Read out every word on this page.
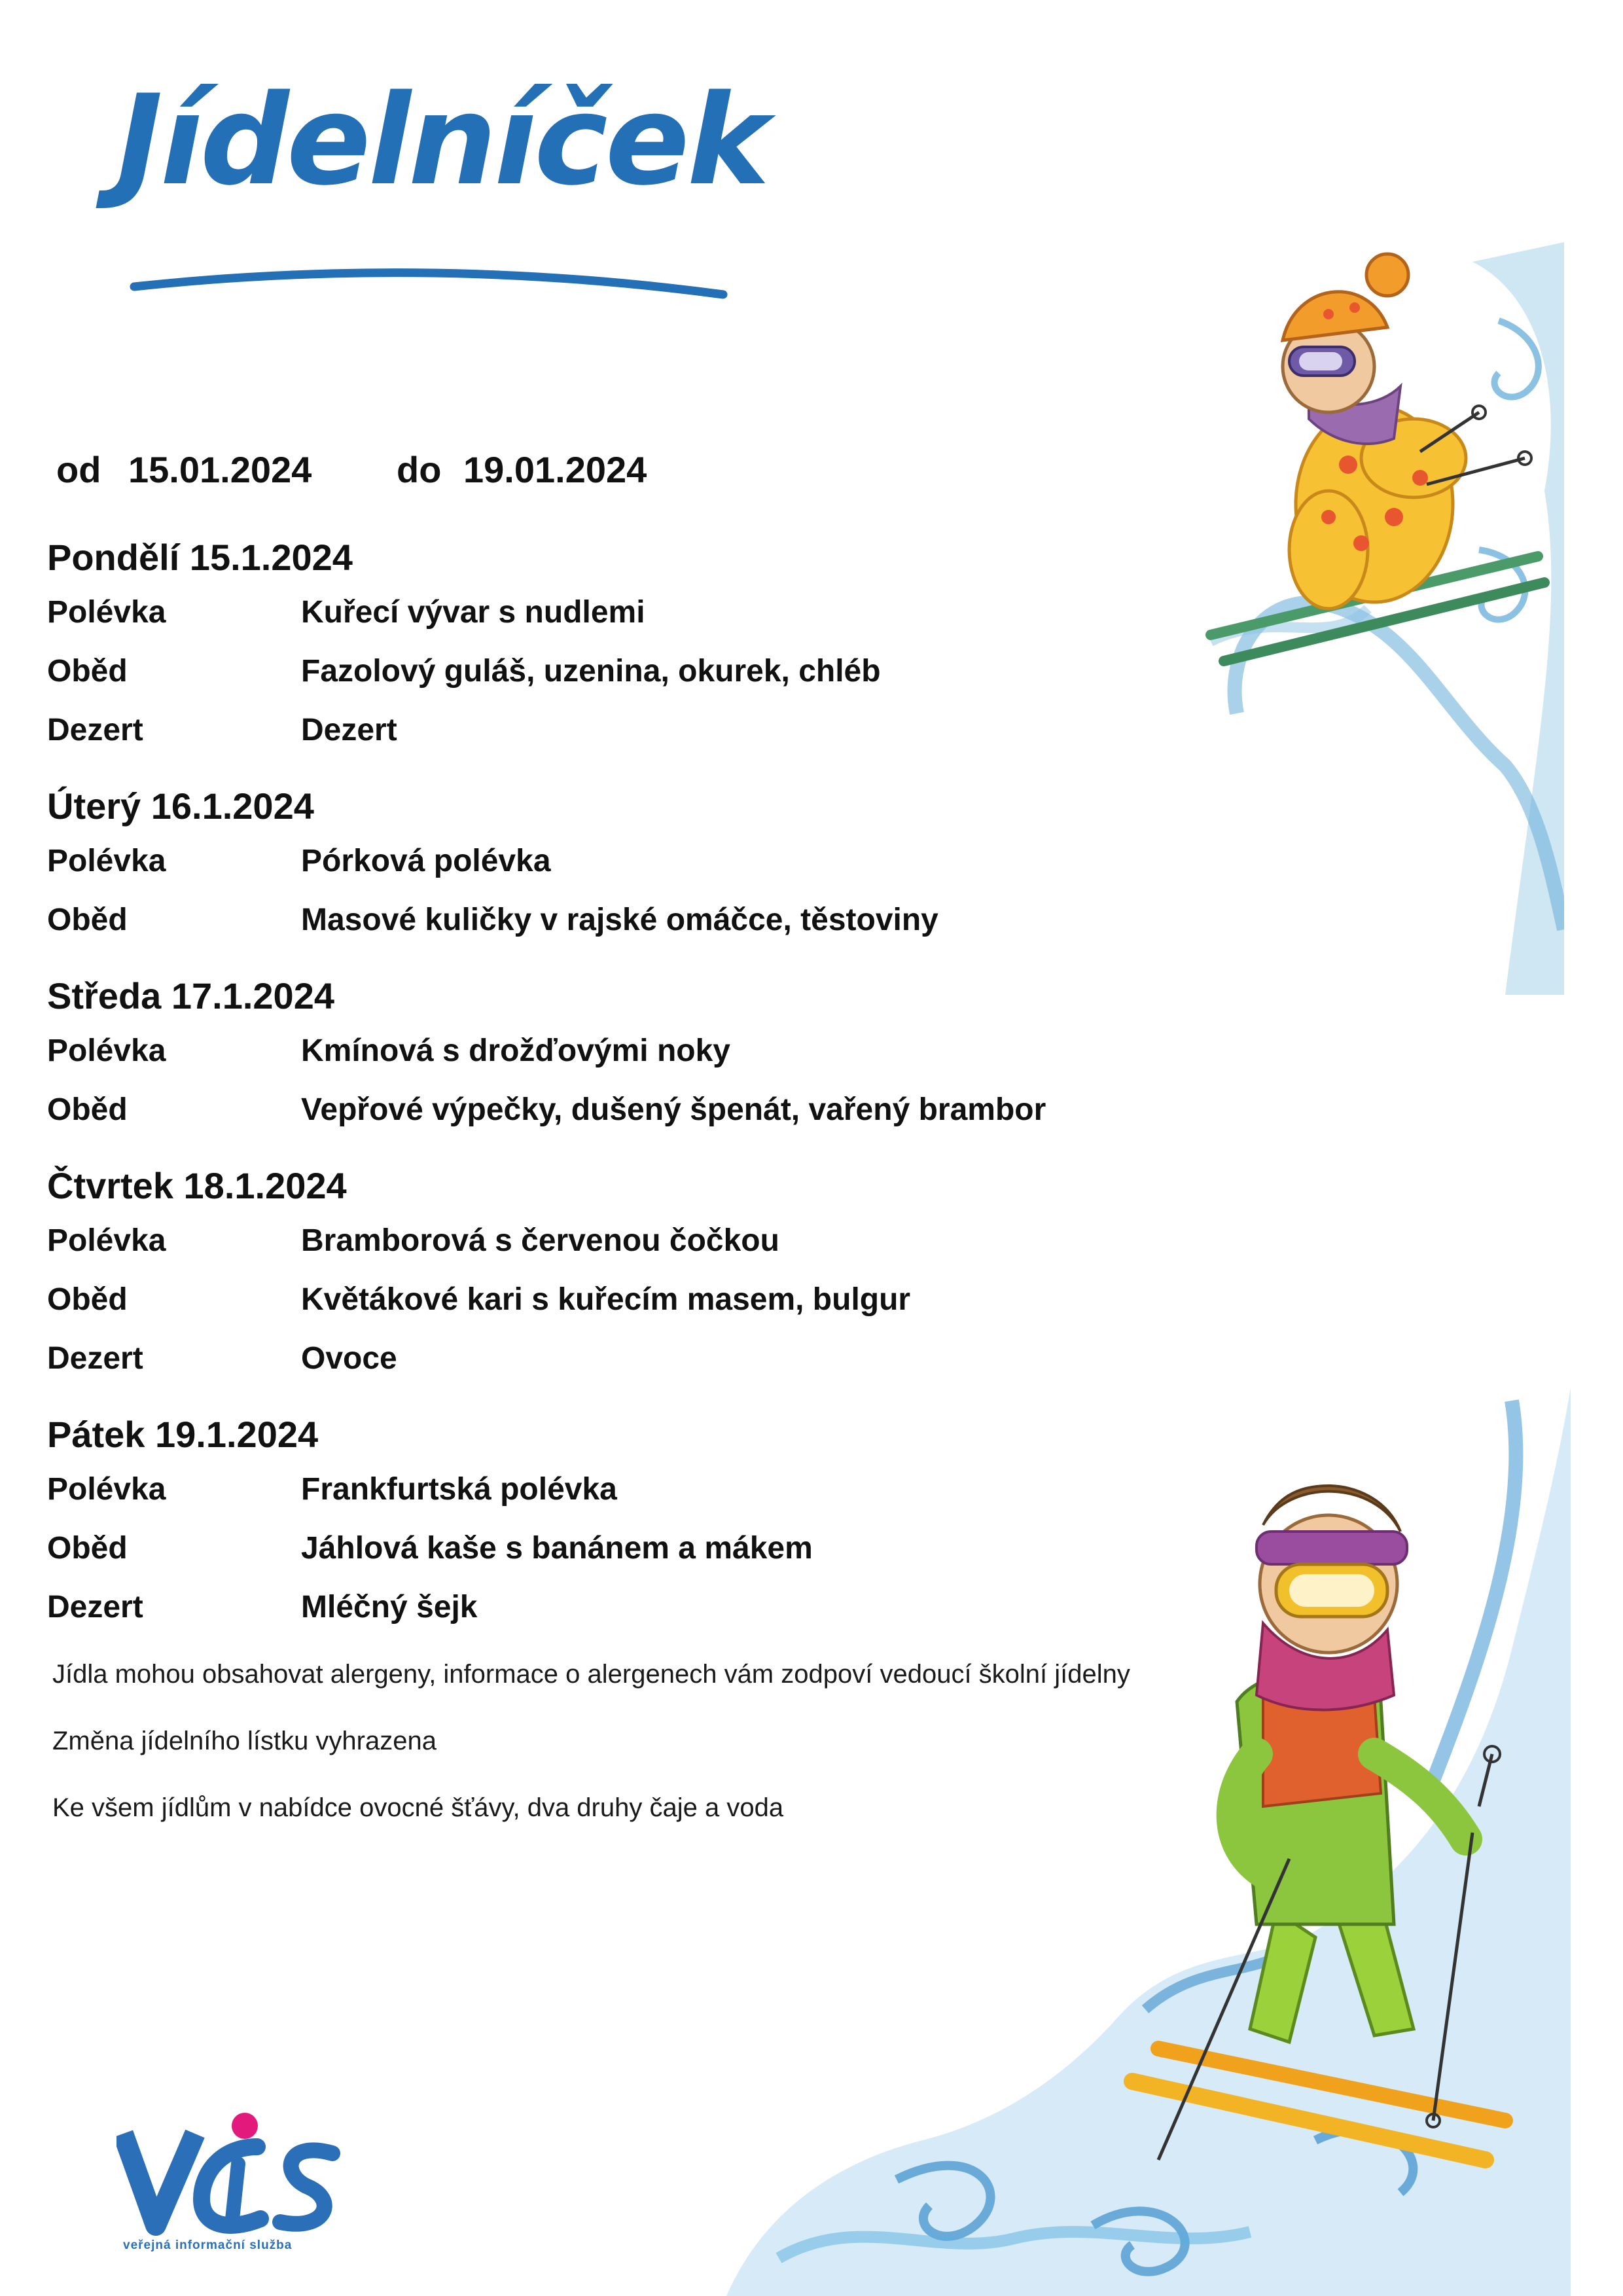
Jídelníček
od 15.01.2024 do 19.01.2024
Pondělí 15.1.2024
Polévka	Kuřecí vývar s nudlemi
Oběd	Fazolový guláš, uzenina, okurek, chléb
Dezert	Dezert
Úterý 16.1.2024
Polévka	Pórková polévka
Oběd	Masové kuličky v rajské omáčce, těstoviny
Středa 17.1.2024
Polévka	Kmínová s drožďovými noky
Oběd	Vepřové výpečky, dušený špenát, vařený brambor
Čtvrtek 18.1.2024
Polévka	Bramborová s červenou čočkou
Oběd	Květákové kari s kuřecím masem, bulgur
Dezert	Ovoce
Pátek 19.1.2024
Polévka	Frankfurtská polévka
Oběd	Jáhlová kaše s banánem a mákem
Dezert	Mléčný šejk
Jídla mohou obsahovat alergeny, informace o alergenech vám zodpoví vedoucí školní jídelny
Změna jídelního lístku vyhrazena
Ke všem jídlům v nabídce ovocné šťávy, dva druhy čaje a voda
veřejná informační služba
